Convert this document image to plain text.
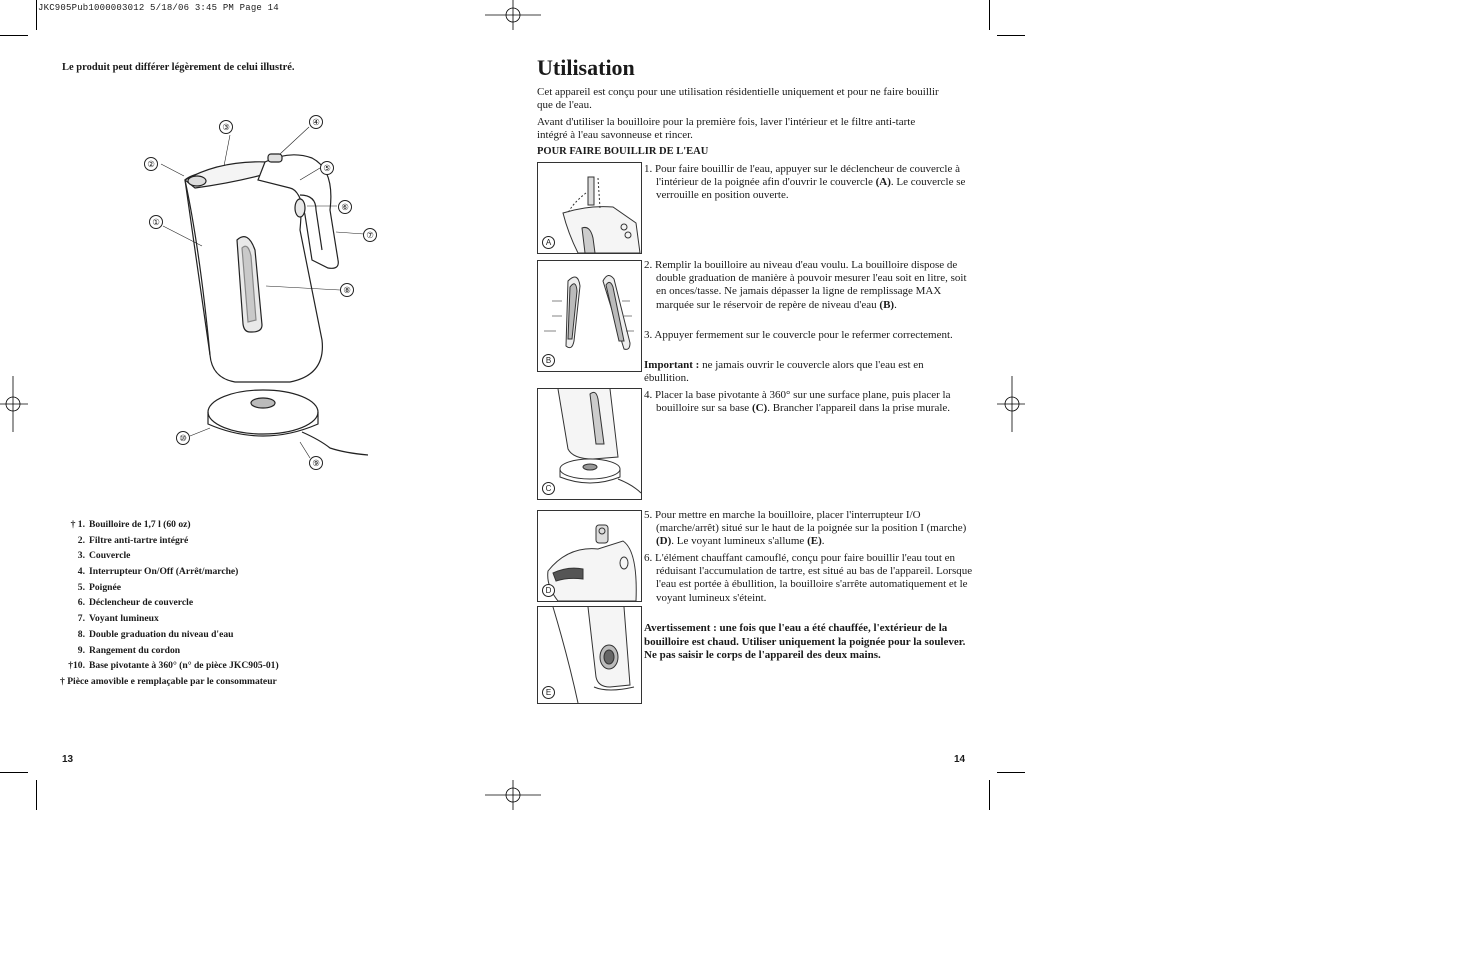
JKC905Pub1000003012 5/18/06 3:45 PM Page 14
Le produit peut différer légèrement de celui illustré.
①
②
③	④
⑤
⑥
⑦
⑧
⑨
⑩
† 1. Bouilloire de 1,7 l (60 oz)
2. Filtre anti-tartre intégré
3. Couvercle
4. Interrupteur On/Off (Arrêt/marche)
5. Poignée
6. Déclencheur de couvercle
7. Voyant lumineux
8. Double graduation du niveau d'eau
9. Rangement du cordon
†10. Base pivotante à 360° (n° de pièce JKC905-01)
† Pièce amovible e remplaçable par le consommateur
13
Utilisation
Cet appareil est conçu pour une utilisation résidentielle uniquement et pour ne faire bouillir que de l'eau.
Avant d'utiliser la bouilloire pour la première fois, laver l'intérieur et le filtre anti-tarte intégré à l'eau savonneuse et rincer.
POUR FAIRE BOUILLIR DE L'EAU
A
B
C
D
E
1. Pour faire bouillir de l'eau, appuyer sur le déclencheur de couvercle à l'intérieur de la poignée afin d'ouvrir le couvercle (A). Le couvercle se verrouille en position ouverte.
2. Remplir la bouilloire au niveau d'eau voulu. La bouilloire dispose de double graduation de manière à pouvoir mesurer l'eau soit en litre, soit en onces/tasse. Ne jamais dépasser la ligne de remplissage MAX marquée sur le réservoir de repère de niveau d'eau (B).
3. Appuyer fermement sur le couvercle pour le refermer correctement.
Important : ne jamais ouvrir le couvercle alors que l'eau est en ébullition.
4. Placer la base pivotante à 360° sur une surface plane, puis placer la bouilloire sur sa base (C). Brancher l'appareil dans la prise murale.
5. Pour mettre en marche la bouilloire, placer l'interrupteur I/O (marche/arrêt) situé sur le haut de la poignée sur la position I (marche) (D). Le voyant lumineux s'allume (E).
6. L'élément chauffant camouflé, conçu pour faire bouillir l'eau tout en réduisant l'accumulation de tartre, est situé au bas de l'appareil. Lorsque l'eau est portée à ébullition, la bouilloire s'arrête automatiquement et le voyant lumineux s'éteint.
Avertissement : une fois que l'eau a été chauffée, l'extérieur de la bouilloire est chaud. Utiliser uniquement la poignée pour la soulever. Ne pas saisir le corps de l'appareil des deux mains.
14
